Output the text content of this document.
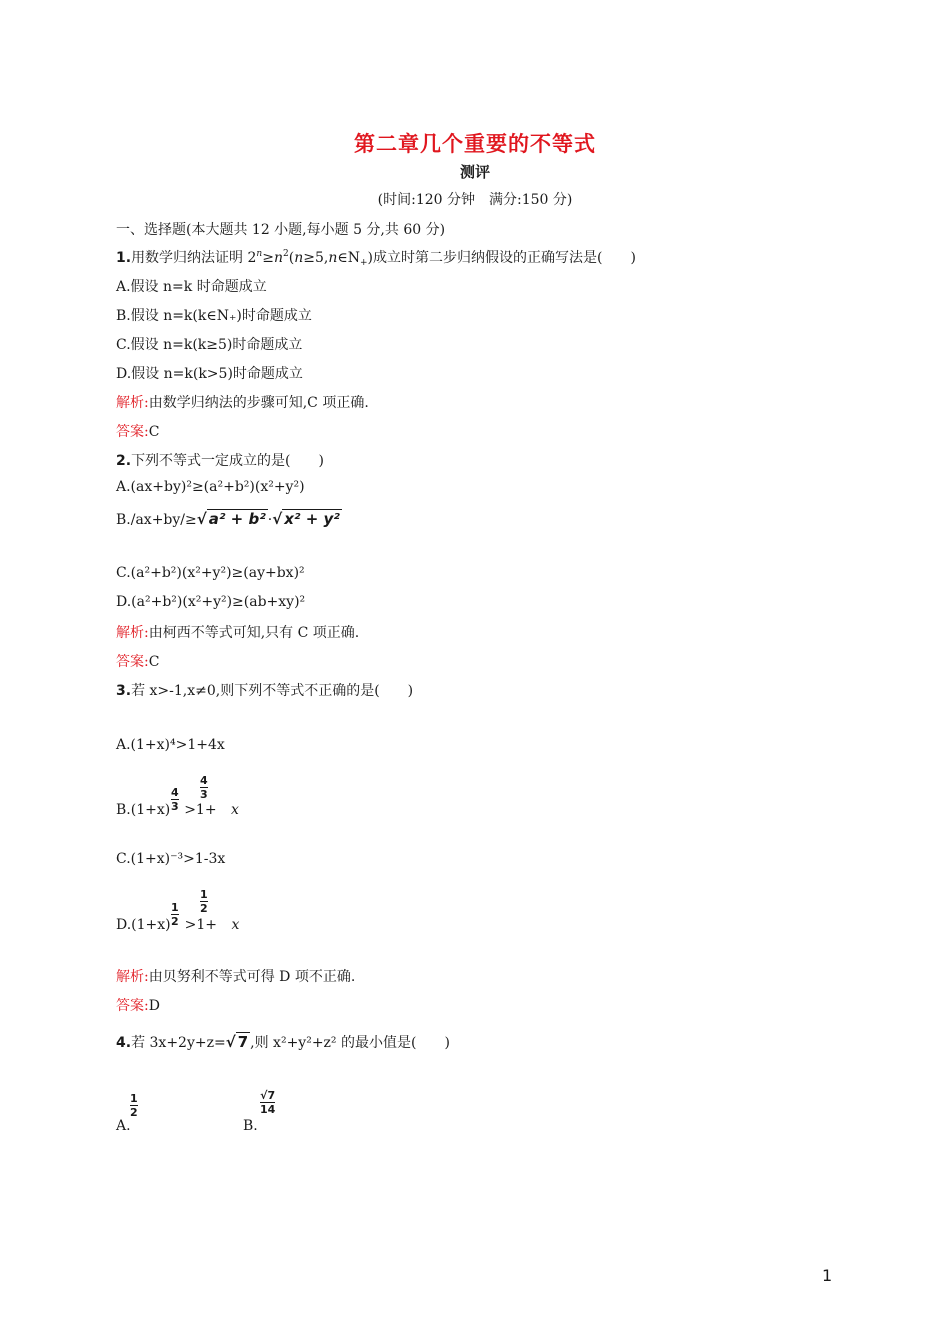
第二章几个重要的不等式
测评
(时间:120 分钟　满分:150 分)
一、选择题(本大题共 12 小题,每小题 5 分,共 60 分)
1.用数学归纳法证明 $2^n\ge n^2(n\ge 5,n\in N_+)$成立时第二步归纳假设的正确写法是(　　)
A.假设 n=k 时命题成立
B.假设 n=k(k∈N₊)时命题成立
C.假设 n=k(k≥5)时命题成立
D.假设 n=k(k>5)时命题成立
解析:由数学归纳法的步骤可知,C 项正确.
答案:C
2.下列不等式一定成立的是(　　)
A.(ax+by)²≥(a²+b²)(x²+y²)
B./ax+by/≥√ a² + b² ·√ x² + y²
C.(a²+b²)(x²+y²)≥(ay+bx)²
D.(a²+b²)(x²+y²)≥(ab+xy)²
解析:由柯西不等式可知,只有 C 项正确.
答案:C
3.若 x>-1,x≠0,则下列不等式不正确的是(　　)
A.(1+x)⁴>1+4x
B.(1+x) >1+ x
4
3
4
3
C.(1+x)⁻³>1-3x
D.(1+x) >1+ x
1
2
1
2
解析:由贝努利不等式可得 D 项不正确.
答案:D
4.若 3x+2y+z=√ 7 ,则 x²+y²+z² 的最小值是(　　)
A.
1
2
B.
√7
14
1
